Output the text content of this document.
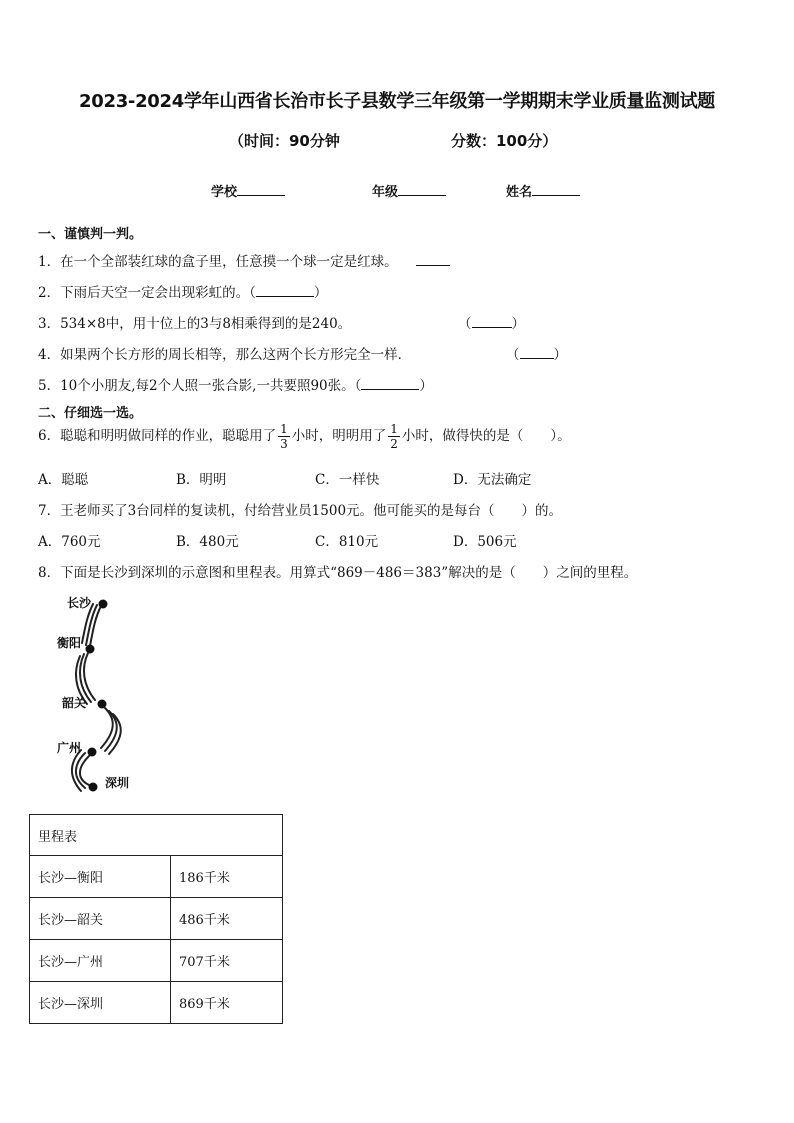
2023-2024学年山西省长治市长子县数学三年级第一学期期末学业质量监测试题
（时间：90分钟	分数：100分）
学校	年级	姓名
一、谨慎判一判。
1．在一个全部装红球的盒子里，任意摸一个球一定是红球。
2．下雨后天空一定会出现彩虹的。（	）
3．534×8中，用十位上的3与8相乘得到的是240。	（	）
4．如果两个长方形的周长相等，那么这两个长方形完全一样．	（	）
5．10个小朋友,每2个人照一张合影,一共要照90张。（	）
二、仔细选一选。
6．聪聪和明明做同样的作业，聪聪用了 $\frac{1}{3}$ 小时，明明用了 $\frac{1}{2}$ 小时，做得快的是（　　）。
A．聪聪	B．明明	C．一样快	D．无法确定
7．王老师买了3台同样的复读机，付给营业员1500元。他可能买的是每台（　　）的。
A．760元	B．480元	C．810元	D．506元
8．下面是长沙到深圳的示意图和里程表。用算式“869－486＝383”解决的是（　　）之间的里程。
长沙
衡阳
韶关
广州
深圳
里程表	
长沙—衡阳	186千米
长沙—韶关	486千米
长沙—广州	707千米
长沙—深圳	869千米
